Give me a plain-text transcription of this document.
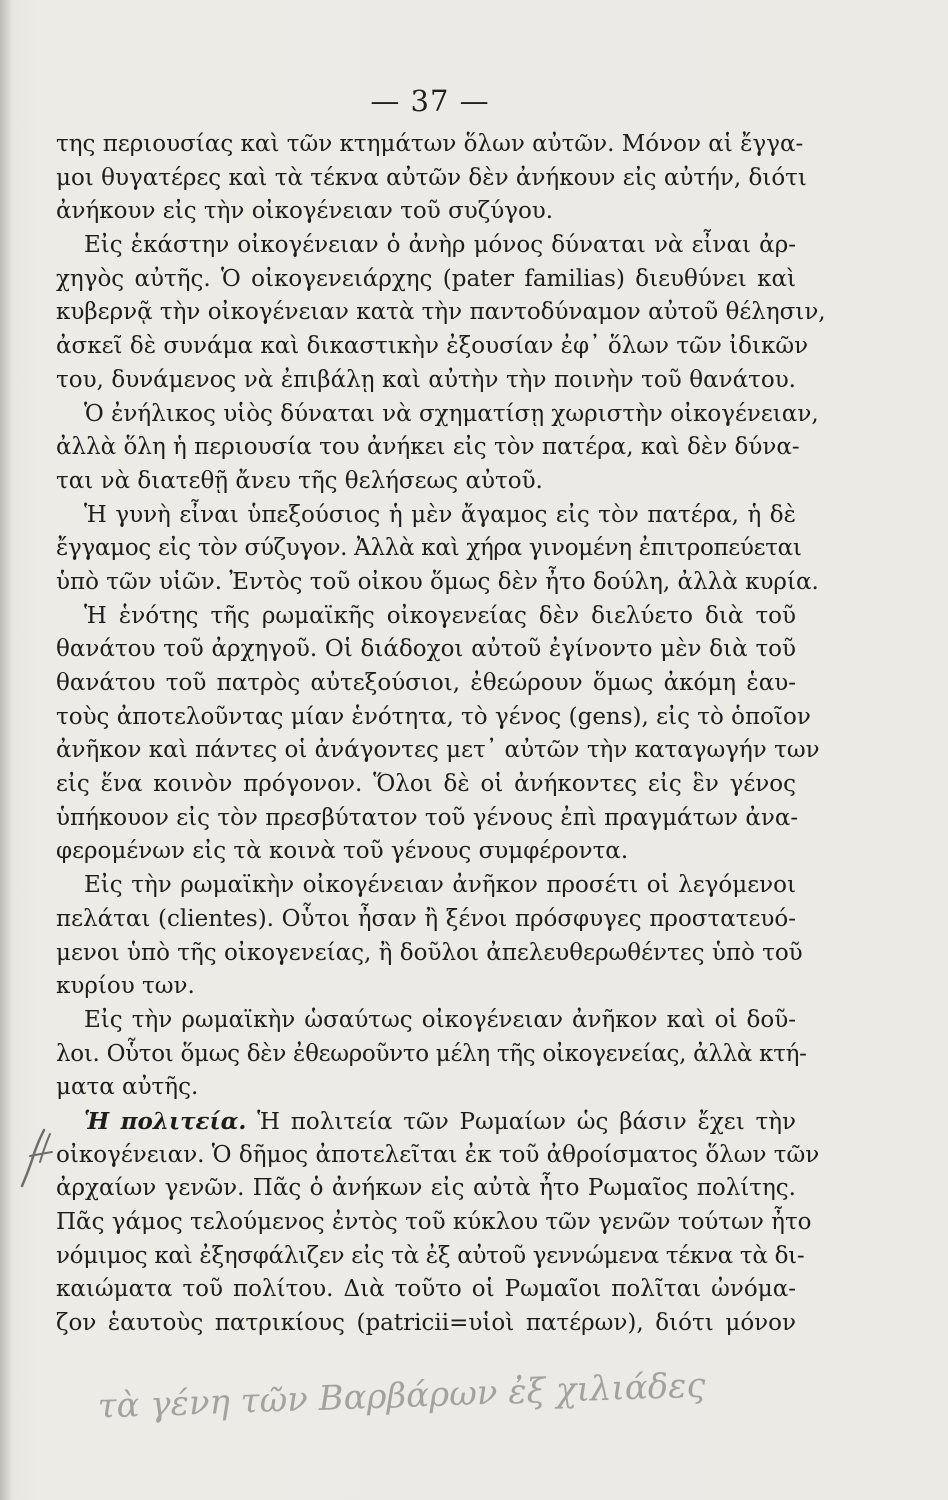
— 37 —
της περιουσίας καὶ τῶν κτημάτων ὅλων αὐτῶν. Μόνον αἱ ἔγγα-
μοι θυγατέρες καὶ τὰ τέκνα αὐτῶν δὲν ἀνήκουν εἰς αὐτήν, διότι
ἀνήκουν εἰς τὴν οἰκογένειαν τοῦ συζύγου.
Εἰς ἑκάστην οἰκογένειαν ὁ ἀνὴρ μόνος δύναται νὰ εἶναι ἀρ-
χηγὸς αὐτῆς. Ὁ οἰκογενειάρχης (pater familias) διευθύνει καὶ
κυβερνᾷ τὴν οἰκογένειαν κατὰ τὴν παντοδύναμον αὐτοῦ θέλησιν,
ἀσκεῖ δὲ συνάμα καὶ δικαστικὴν ἐξουσίαν ἐφ᾽ ὅλων τῶν ἰδικῶν
του, δυνάμενος νὰ ἐπιβάλῃ καὶ αὐτὴν τὴν ποινὴν τοῦ θανάτου.
Ὁ ἐνήλικος υἱὸς δύναται νὰ σχηματίσῃ χωριστὴν οἰκογένειαν,
ἀλλὰ ὅλη ἡ περιουσία του ἀνήκει εἰς τὸν πατέρα, καὶ δὲν δύνα-
ται νὰ διατεθῇ ἄνευ τῆς θελήσεως αὐτοῦ.
Ἡ γυνὴ εἶναι ὑπεξούσιος ἡ μὲν ἄγαμος εἰς τὸν πατέρα, ἡ δὲ
ἔγγαμος εἰς τὸν σύζυγον. Ἀλλὰ καὶ χήρα γινομένη ἐπιτροπεύεται
ὑπὸ τῶν υἱῶν. Ἐντὸς τοῦ οἰκου ὅμως δὲν ἦτο δούλη, ἀλλὰ κυρία.
Ἡ ἑνότης τῆς ρωμαϊκῆς οἰκογενείας δὲν διελύετο διὰ τοῦ
θανάτου τοῦ ἀρχηγοῦ. Οἱ διάδοχοι αὐτοῦ ἐγίνοντο μὲν διὰ τοῦ
θανάτου τοῦ πατρὸς αὐτεξούσιοι, ἐθεώρουν ὅμως ἀκόμη ἑαυ-
τοὺς ἀποτελοῦντας μίαν ἑνότητα, τὸ γένος (gens), εἰς τὸ ὁποῖον
ἀνῆκον καὶ πάντες οἱ ἀνάγοντες μετ᾽ αὐτῶν τὴν καταγωγήν των
εἰς ἕνα κοινὸν πρόγονον. Ὅλοι δὲ οἱ ἀνήκοντες εἰς ἓν γένος
ὑπήκουον εἰς τὸν πρεσβύτατον τοῦ γένους ἐπὶ πραγμάτων ἀνα-
φερομένων εἰς τὰ κοινὰ τοῦ γένους συμφέροντα.
Εἰς τὴν ρωμαϊκὴν οἰκογένειαν ἀνῆκον προσέτι οἱ λεγόμενοι
πελάται (clientes). Οὗτοι ἦσαν ἢ ξένοι πρόσφυγες προστατευό-
μενοι ὑπὸ τῆς οἰκογενείας, ἢ δοῦλοι ἀπελευθερωθέντες ὑπὸ τοῦ
κυρίου των.
Εἰς τὴν ρωμαϊκὴν ὡσαύτως οἰκογένειαν ἀνῆκον καὶ οἱ δοῦ-
λοι. Οὗτοι ὅμως δὲν ἐθεωροῦντο μέλη τῆς οἰκογενείας, ἀλλὰ κτή-
ματα αὐτῆς.
Ἡ πολιτεία. Ἡ πολιτεία τῶν Ρωμαίων ὡς βάσιν ἔχει τὴν
οἰκογένειαν. Ὁ δῆμος ἀποτελεῖται ἐκ τοῦ ἀθροίσματος ὅλων τῶν
ἀρχαίων γενῶν. Πᾶς ὁ ἀνήκων εἰς αὐτὰ ἦτο Ρωμαῖος πολίτης.
Πᾶς γάμος τελούμενος ἐντὸς τοῦ κύκλου τῶν γενῶν τούτων ἦτο
νόμιμος καὶ ἐξησφάλιζεν εἰς τὰ ἐξ αὐτοῦ γεννώμενα τέκνα τὰ δι-
καιώματα τοῦ πολίτου. Διὰ τοῦτο οἱ Ρωμαῖοι πολῖται ὠνόμα-
ζον ἑαυτοὺς πατρικίους (patricii=υἱοὶ πατέρων), διότι μόνον
τὰ γένη τῶν Βαρβάρων ἐξ χιλιάδες
